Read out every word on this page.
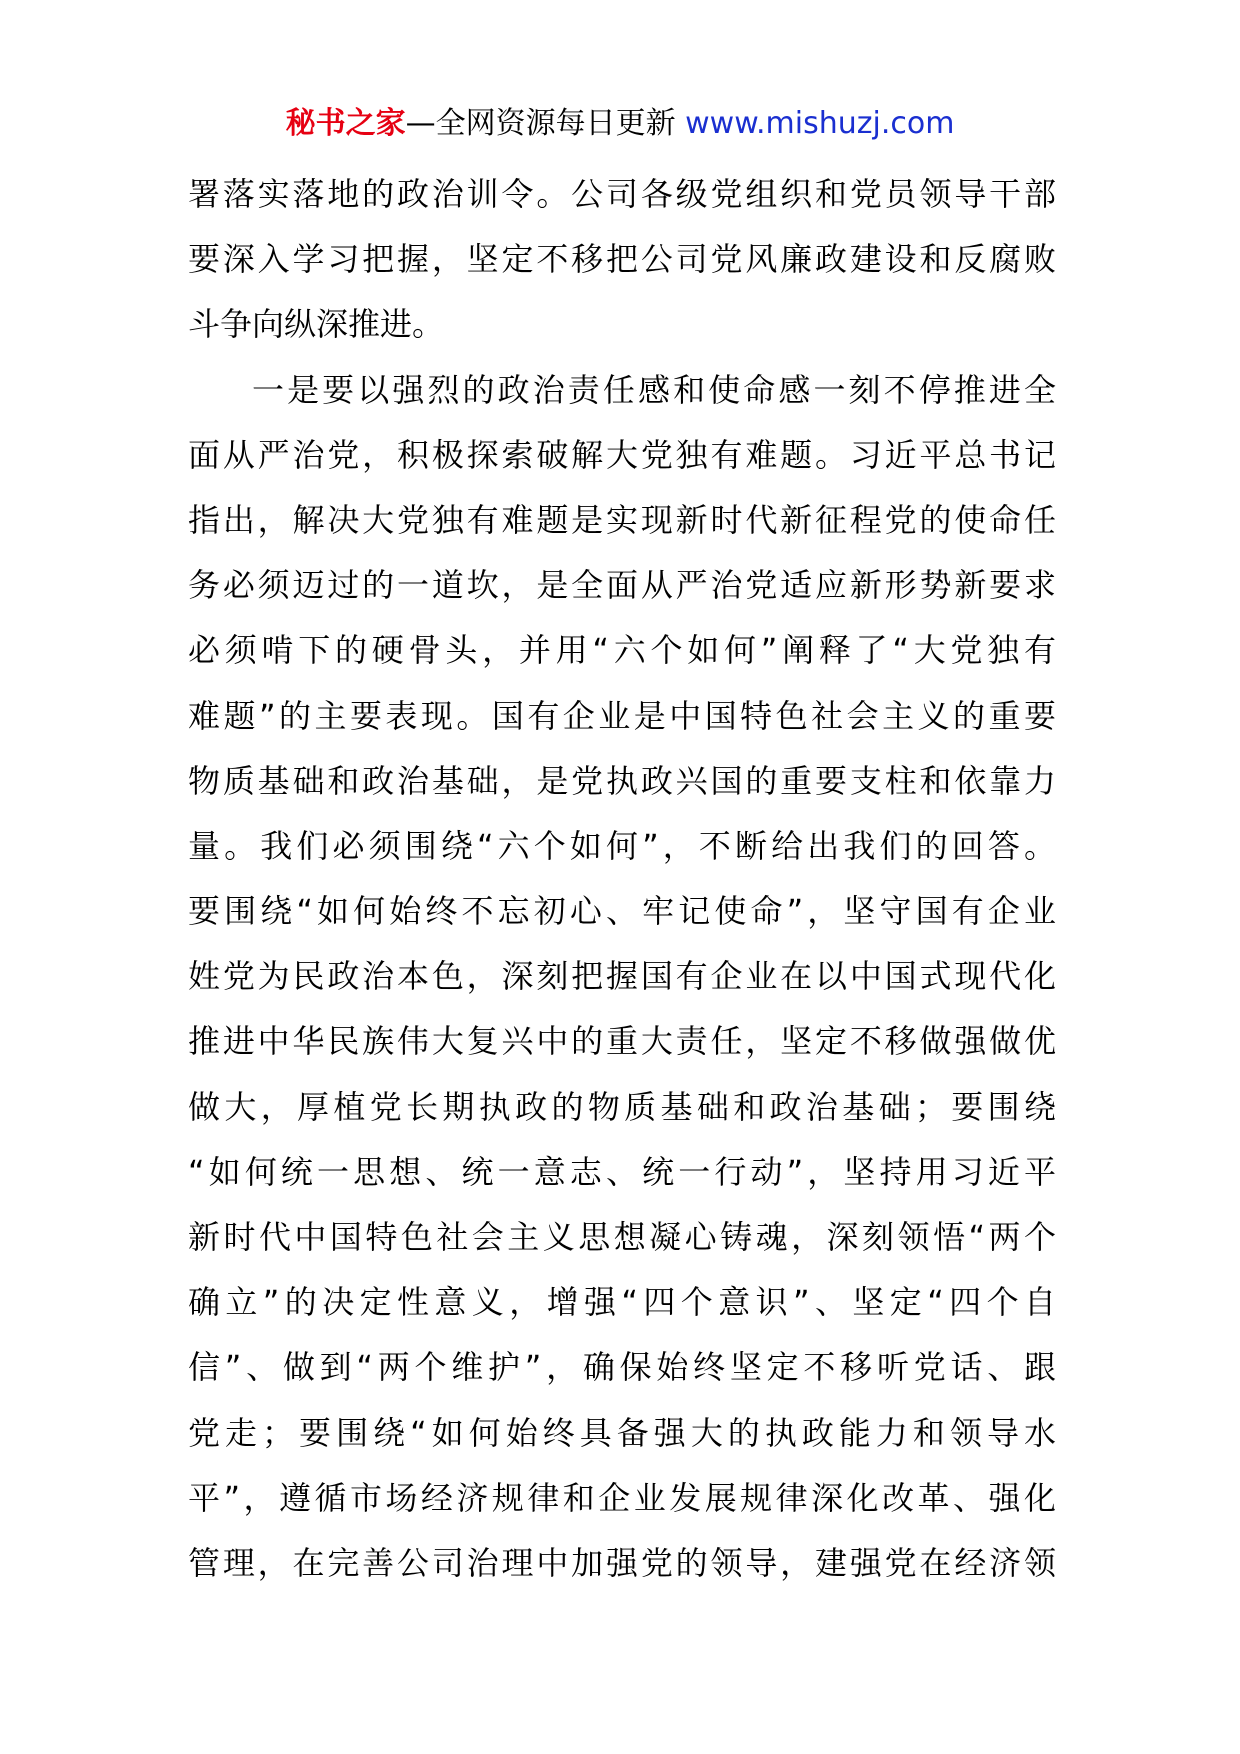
秘书之家—全网资源每日更新 www.mishuzj.com
署落实落地的政治训令。公司各级党组织和党员领导干部
要深入学习把握，坚定不移把公司党风廉政建设和反腐败
斗争向纵深推进。
一是要以强烈的政治责任感和使命感一刻不停推进全
面从严治党，积极探索破解大党独有难题。习近平总书记
指出，解决大党独有难题是实现新时代新征程党的使命任
务必须迈过的一道坎，是全面从严治党适应新形势新要求
必须啃下的硬骨头，并用“六个如何”阐释了“大党独有
难题”的主要表现。国有企业是中国特色社会主义的重要
物质基础和政治基础，是党执政兴国的重要支柱和依靠力
量。我们必须围绕“六个如何”，不断给出我们的回答。
要围绕“如何始终不忘初心、牢记使命”，坚守国有企业
姓党为民政治本色，深刻把握国有企业在以中国式现代化
推进中华民族伟大复兴中的重大责任，坚定不移做强做优
做大，厚植党长期执政的物质基础和政治基础；要围绕
“如何统一思想、统一意志、统一行动”，坚持用习近平
新时代中国特色社会主义思想凝心铸魂，深刻领悟“两个
确立”的决定性意义，增强“四个意识”、坚定“四个自
信”、做到“两个维护”，确保始终坚定不移听党话、跟
党走；要围绕“如何始终具备强大的执政能力和领导水
平”，遵循市场经济规律和企业发展规律深化改革、强化
管理，在完善公司治理中加强党的领导，建强党在经济领
